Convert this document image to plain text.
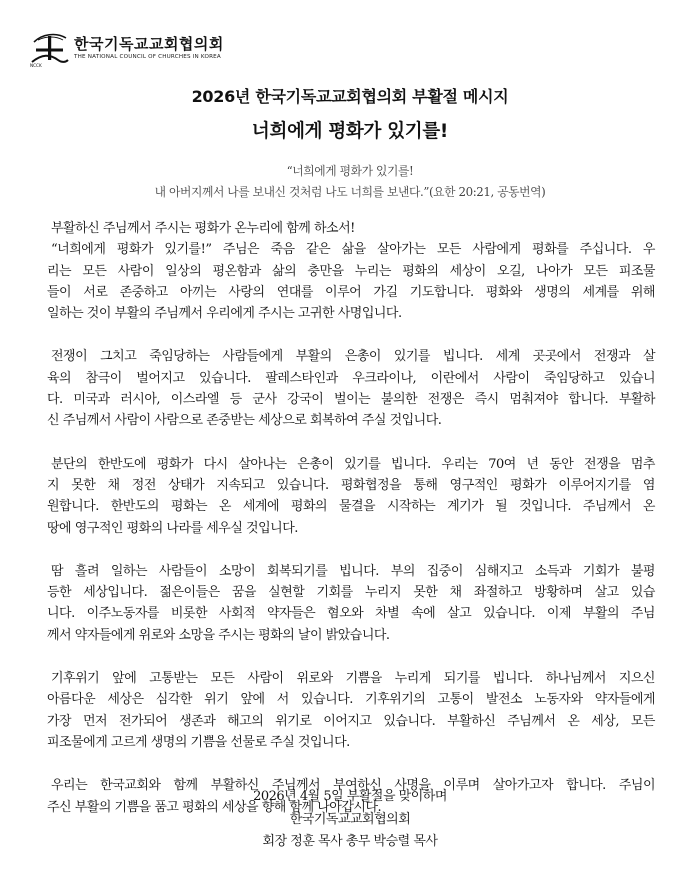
NCCK
한국기독교교회협의회
THE NATIONAL COUNCIL OF CHURCHES IN KOREA
2026년 한국기독교교회협의회 부활절 메시지
너희에게 평화가 있기를!
“너희에게 평화가 있기를!
내 아버지께서 나를 보내신 것처럼 나도 너희를 보낸다.”(요한 20:21, 공동번역)
부활하신 주님께서 주시는 평화가 온누리에 함께 하소서!
“너희에게 평화가 있기를!” 주님은 죽음 같은 삶을 살아가는 모든 사람에게 평화를 주십니다. 우
리는 모든 사람이 일상의 평온함과 삶의 충만을 누리는 평화의 세상이 오길, 나아가 모든 피조물
들이 서로 존중하고 아끼는 사랑의 연대를 이루어 가길 기도합니다. 평화와 생명의 세계를 위해
일하는 것이 부활의 주님께서 우리에게 주시는 고귀한 사명입니다.
전쟁이 그치고 죽임당하는 사람들에게 부활의 은총이 있기를 빕니다. 세계 곳곳에서 전쟁과 살
육의 참극이 벌어지고 있습니다. 팔레스타인과 우크라이나, 이란에서 사람이 죽임당하고 있습니
다. 미국과 러시아, 이스라엘 등 군사 강국이 벌이는 불의한 전쟁은 즉시 멈춰져야 합니다. 부활하
신 주님께서 사람이 사람으로 존중받는 세상으로 회복하여 주실 것입니다.
분단의 한반도에 평화가 다시 살아나는 은총이 있기를 빕니다. 우리는 70여 년 동안 전쟁을 멈추
지 못한 채 정전 상태가 지속되고 있습니다. 평화협정을 통해 영구적인 평화가 이루어지기를 염
원합니다. 한반도의 평화는 온 세계에 평화의 물결을 시작하는 계기가 될 것입니다. 주님께서 온
땅에 영구적인 평화의 나라를 세우실 것입니다.
땀 흘려 일하는 사람들이 소망이 회복되기를 빕니다. 부의 집중이 심해지고 소득과 기회가 불평
등한 세상입니다. 젊은이들은 꿈을 실현할 기회를 누리지 못한 채 좌절하고 방황하며 살고 있습
니다. 이주노동자를 비롯한 사회적 약자들은 혐오와 차별 속에 살고 있습니다. 이제 부활의 주님
께서 약자들에게 위로와 소망을 주시는 평화의 날이 밝았습니다.
기후위기 앞에 고통받는 모든 사람이 위로와 기쁨을 누리게 되기를 빕니다. 하나님께서 지으신
아름다운 세상은 심각한 위기 앞에 서 있습니다. 기후위기의 고통이 발전소 노동자와 약자들에게
가장 먼저 전가되어 생존과 해고의 위기로 이어지고 있습니다. 부활하신 주님께서 온 세상, 모든
피조물에게 고르게 생명의 기쁨을 선물로 주실 것입니다.
우리는 한국교회와 함께 부활하신 주님께서 부여하신 사명을 이루며 살아가고자 합니다. 주님이
주신 부활의 기쁨을 품고 평화의 세상을 향해 함께 나아갑시다.
2026년 4월 5일 부활절을 맞이하며
한국기독교교회협의회
회장 정훈 목사 총무 박승렬 목사
